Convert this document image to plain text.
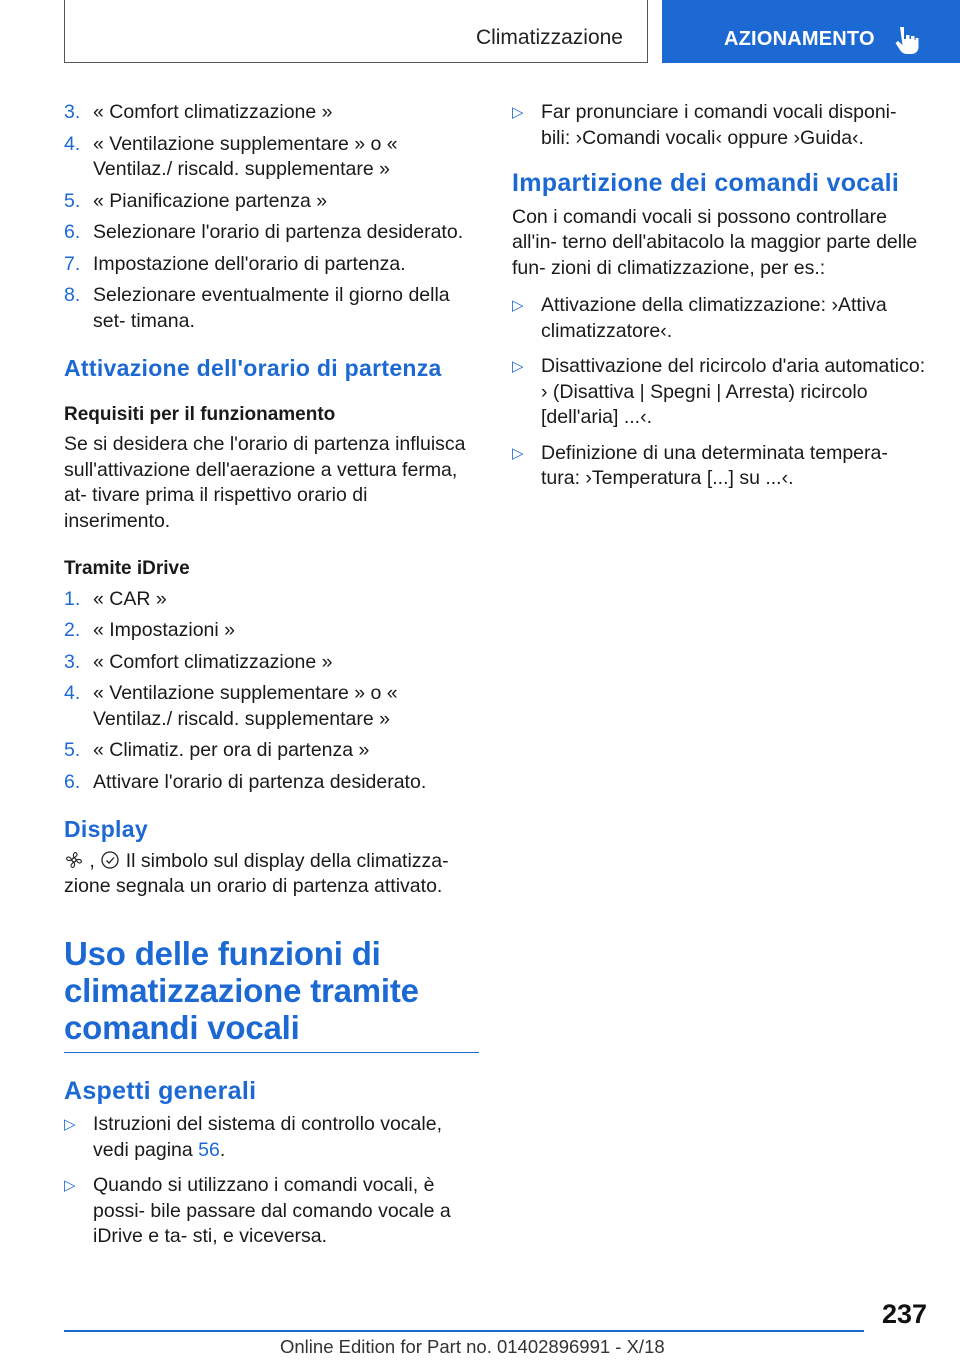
Climatizzazione	AZIONAMENTO
3. « Comfort climatizzazione »
4. « Ventilazione supplementare » o « Ventilaz./ riscald. supplementare »
5. « Pianificazione partenza »
6. Selezionare l'orario di partenza desiderato.
7. Impostazione dell'orario di partenza.
8. Selezionare eventualmente il giorno della set‐ timana.
Attivazione dell'orario di partenza
Requisiti per il funzionamento

Se si desidera che l'orario di partenza influisca sull'attivazione dell'aerazione a vettura ferma, at‐ tivare prima il rispettivo orario di inserimento.

Tramite iDrive
1. « CAR »
2. « Impostazioni »
3. « Comfort climatizzazione »
4. « Ventilazione supplementare » o « Ventilaz./ riscald. supplementare »
5. « Climatiz. per ora di partenza »
6. Attivare l'orario di partenza desiderato.
Display

, Il simbolo sul display della climatizza‐ zione segnala un orario di partenza attivato.

Uso delle funzioni di climatizzazione tramite comandi vocali
Aspetti generali
▷ Istruzioni del sistema di controllo vocale, vedi pagina 56.
▷ Quando si utilizzano i comandi vocali, è possi‐ bile passare dal comando vocale a iDrive e ta‐ sti, e viceversa.
▷ Far pronunciare i comandi vocali disponi‐ bili: ›Comandi vocali‹ oppure ›Guida‹.
Impartizione dei comandi vocali

Con i comandi vocali si possono controllare all'in‐ terno dell'abitacolo la maggior parte delle fun‐ zioni di climatizzazione, per es.:

▷ Attivazione della climatizzazione: ›Attiva climatizzatore‹.
▷ Disattivazione del ricircolo d'aria automatico: › (Disattiva | Spegni | Arresta) ricircolo [dell'aria] ...‹.
▷ Definizione di una determinata tempera‐ tura: ›Temperatura [...] su ...‹.
237
Online Edition for Part no. 01402896991 - X/18
